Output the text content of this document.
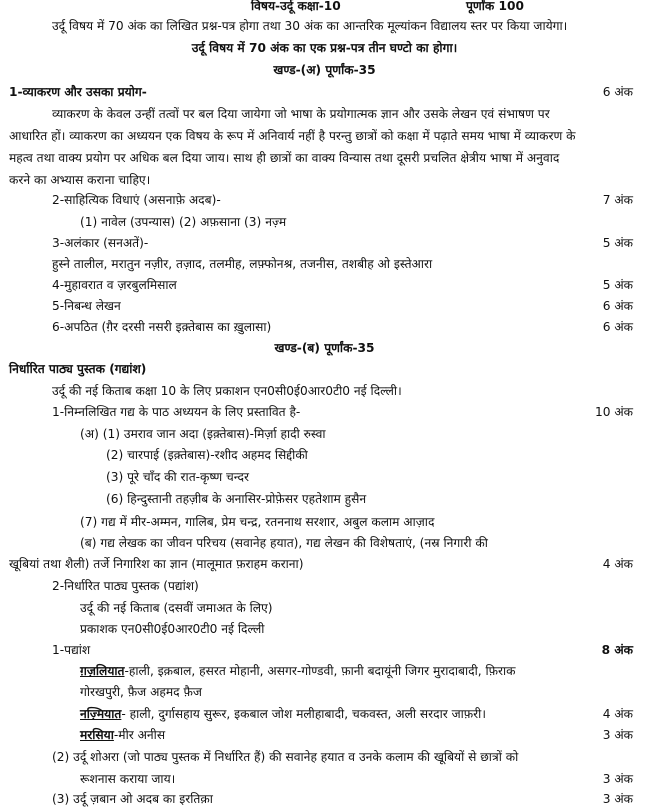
विषय-उर्दू कक्षा-10	पूर्णांक 100
उर्दू विषय में 70 अंक का लिखित प्रश्न-पत्र होगा तथा 30 अंक का आन्तरिक मूल्यांकन विद्यालय स्तर पर किया जायेगा।
उर्दू विषय में 70 अंक का एक प्रश्न-पत्र तीन घण्टो का होगा।
खण्ड-(अ) पूर्णांक-35
1-व्याकरण और उसका प्रयोग-	6 अंक
व्याकरण के केवल उन्हीं तत्वों पर बल दिया जायेगा जो भाषा के प्रयोगात्मक ज्ञान और उसके लेखन एवं संभाषण पर
आधारित हों। व्याकरण का अध्ययन एक विषय के रूप में अनिवार्य नहीं है परन्तु छात्रों को कक्षा में पढ़ाते समय भाषा में व्याकरण के
महत्व तथा वाक्य प्रयोग पर अधिक बल दिया जाय। साथ ही छात्रों का वाक्य विन्यास तथा दूसरी प्रचलित क्षेत्रीय भाषा में अनुवाद
करने का अभ्यास कराना चाहिए।
2-साहित्यिक विधाएं (असनाफ़े अदब)-	7 अंक
(1) नावेल (उपन्यास) (2) अफ़साना (3) नज़्म
3-अलंकार (सनअतें)-	5 अंक
हुस्ने तालील, मरातुन नज़ीर, तज़ाद, तलमीह, लफ़्फोनश्र, तजनीस, तशबीह ओ इस्तेआरा
4-मुहावरात व ज़रबुलमिसाल	5 अंक
5-निबन्ध लेखन	6 अंक
6-अपठित (ग़ैर दरसी नसरी इक़्तेबास का ख़ुलासा)	6 अंक
खण्ड-(ब) पूर्णांक-35
निर्धारित पाठ्य पुस्तक (गद्यांश)
उर्दू की नई किताब कक्षा 10 के लिए प्रकाशन एन0सी0ई0आर0टी0 नई दिल्ली।
1-निम्नलिखित गद्य के पाठ अध्ययन के लिए प्रस्तावित है-	10 अंक
(अ) (1) उमराव जान अदा (इक़्तेबास)-मिर्ज़ा हादी रुस्वा
(2) चारपाई (इक़्तेबास)-रशीद अहमद सिद्दीकी
(3) पूरे चाँद की रात-कृष्ण चन्दर
(6) हिन्दुस्तानी तहज़ीब के अनासिर-प्रोफ़ेसर एहतेशाम हुसैन
(7) गद्य में मीर-अम्मन, गालिब, प्रेम चन्द्र, रतननाथ सरशार, अबुल कलाम आज़ाद
(ब) गद्य लेखक का जीवन परिचय (सवानेह हयात), गद्य लेखन की विशेषताएं, (नस्र निगारी की
खूबियां तथा शैली) तर्जे निगारिश का ज्ञान (मालूमात फ़राहम कराना)	4 अंक
2-निर्धारित पाठ्य पुस्तक (पद्यांश)
उर्दू की नई किताब (दसवीं जमाअत के लिए)
प्रकाशक एन0सी0ई0आर0टी0 नई दिल्ली
1-पद्यांश	8 अंक
ग़ज़लियात-हाली, इक़बाल, हसरत मोहानी, असगर-गोण्डवी, फ़ानी बदायूंनी जिगर मुरादाबादी, फ़िराक
गोरखपुरी, फ़ैज अहमद फ़ैज
नज़्मियात- हाली, दुर्गासहाय सुरूर, इकबाल जोश मलीहाबादी, चकवस्त, अली सरदार जाफ़री।	4 अंक
मरसिया-मीर अनीस	3 अंक
(2) उर्दू शोअरा (जो पाठ्य पुस्तक में निर्धारित हैं) की सवानेह हयात व उनके कलाम की खूबियों से छात्रों को
रूशनास कराया जाय।	3 अंक
(3) उर्दू ज़बान ओ अदब का इरतिक़ा	3 अंक
